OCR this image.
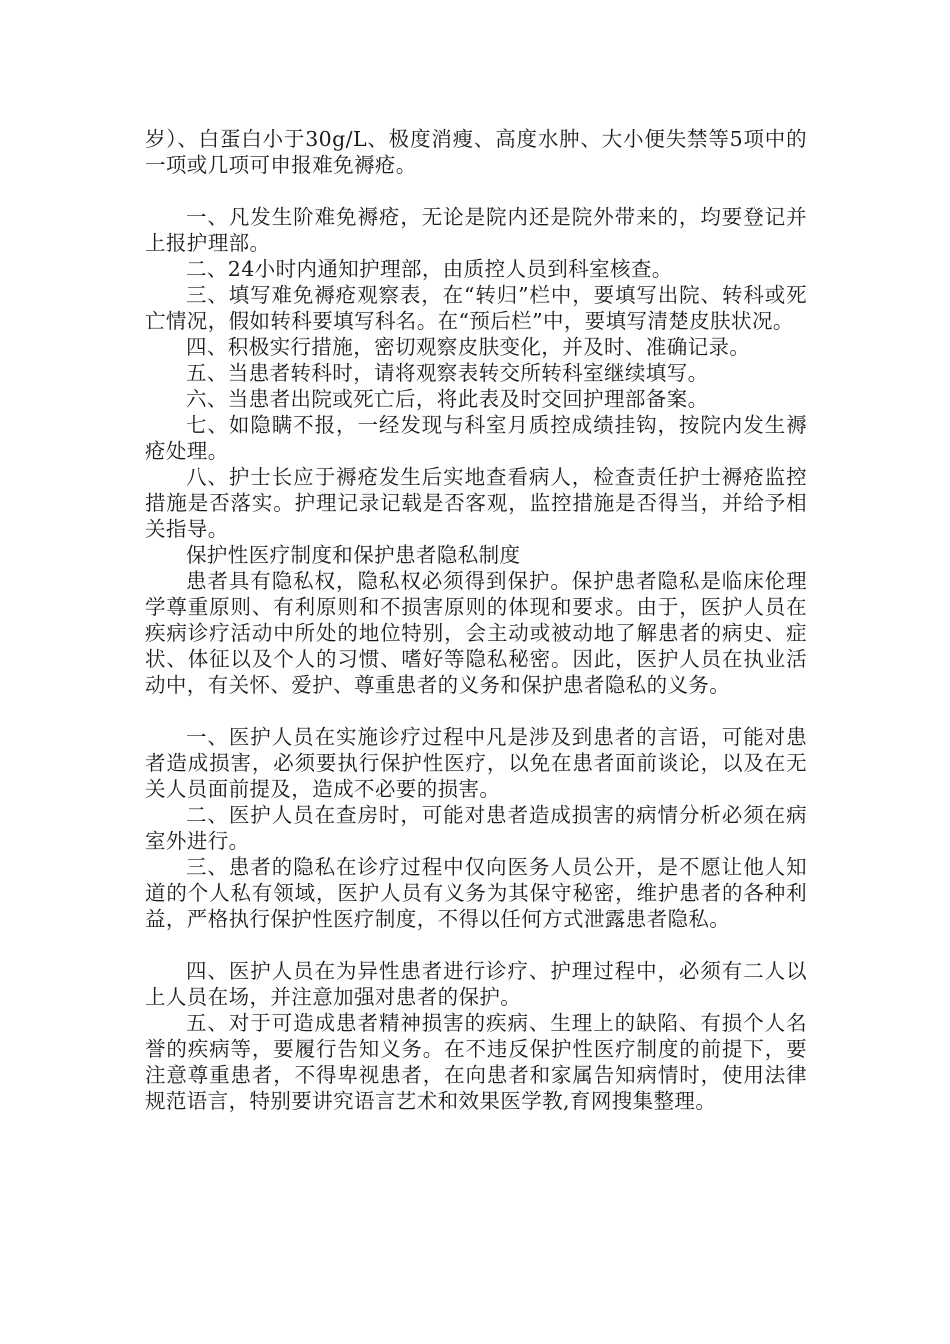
岁）、白蛋白小于30g/L、极度消瘦、高度水肿、大小便失禁等5项中的一项或几项可申报难免褥疮。

一、凡发生阶难免褥疮，无论是院内还是院外带来的，均要登记并上报护理部。

二、24小时内通知护理部，由质控人员到科室核查。

三、填写难免褥疮观察表，在“转归”栏中，要填写出院、转科或死亡情况，假如转科要填写科名。在“预后栏”中，要填写清楚皮肤状况。

四、积极实行措施，密切观察皮肤变化，并及时、准确记录。

五、当患者转科时，请将观察表转交所转科室继续填写。

六、当患者出院或死亡后，将此表及时交回护理部备案。

七、如隐瞒不报，一经发现与科室月质控成绩挂钩，按院内发生褥疮处理。

八、护士长应于褥疮发生后实地查看病人，检查责任护士褥疮监控措施是否落实。护理记录记载是否客观，监控措施是否得当，并给予相关指导。

保护性医疗制度和保护患者隐私制度

患者具有隐私权，隐私权必须得到保护。保护患者隐私是临床伦理学尊重原则、有利原则和不损害原则的体现和要求。由于，医护人员在疾病诊疗活动中所处的地位特别，会主动或被动地了解患者的病史、症状、体征以及个人的习惯、嗜好等隐私秘密。因此，医护人员在执业活动中，有关怀、爱护、尊重患者的义务和保护患者隐私的义务。

一、医护人员在实施诊疗过程中凡是涉及到患者的言语，可能对患者造成损害，必须要执行保护性医疗，以免在患者面前谈论，以及在无关人员面前提及，造成不必要的损害。

二、医护人员在查房时，可能对患者造成损害的病情分析必须在病室外进行。

三、患者的隐私在诊疗过程中仅向医务人员公开，是不愿让他人知道的个人私有领域，医护人员有义务为其保守秘密，维护患者的各种利益，严格执行保护性医疗制度，不得以任何方式泄露患者隐私。

四、医护人员在为异性患者进行诊疗、护理过程中，必须有二人以上人员在场，并注意加强对患者的保护。

五、对于可造成患者精神损害的疾病、生理上的缺陷、有损个人名誉的疾病等，要履行告知义务。在不违反保护性医疗制度的前提下，要注意尊重患者，不得卑视患者，在向患者和家属告知病情时，使用法律规范语言，特别要讲究语言艺术和效果医学教,育网搜集整理。
